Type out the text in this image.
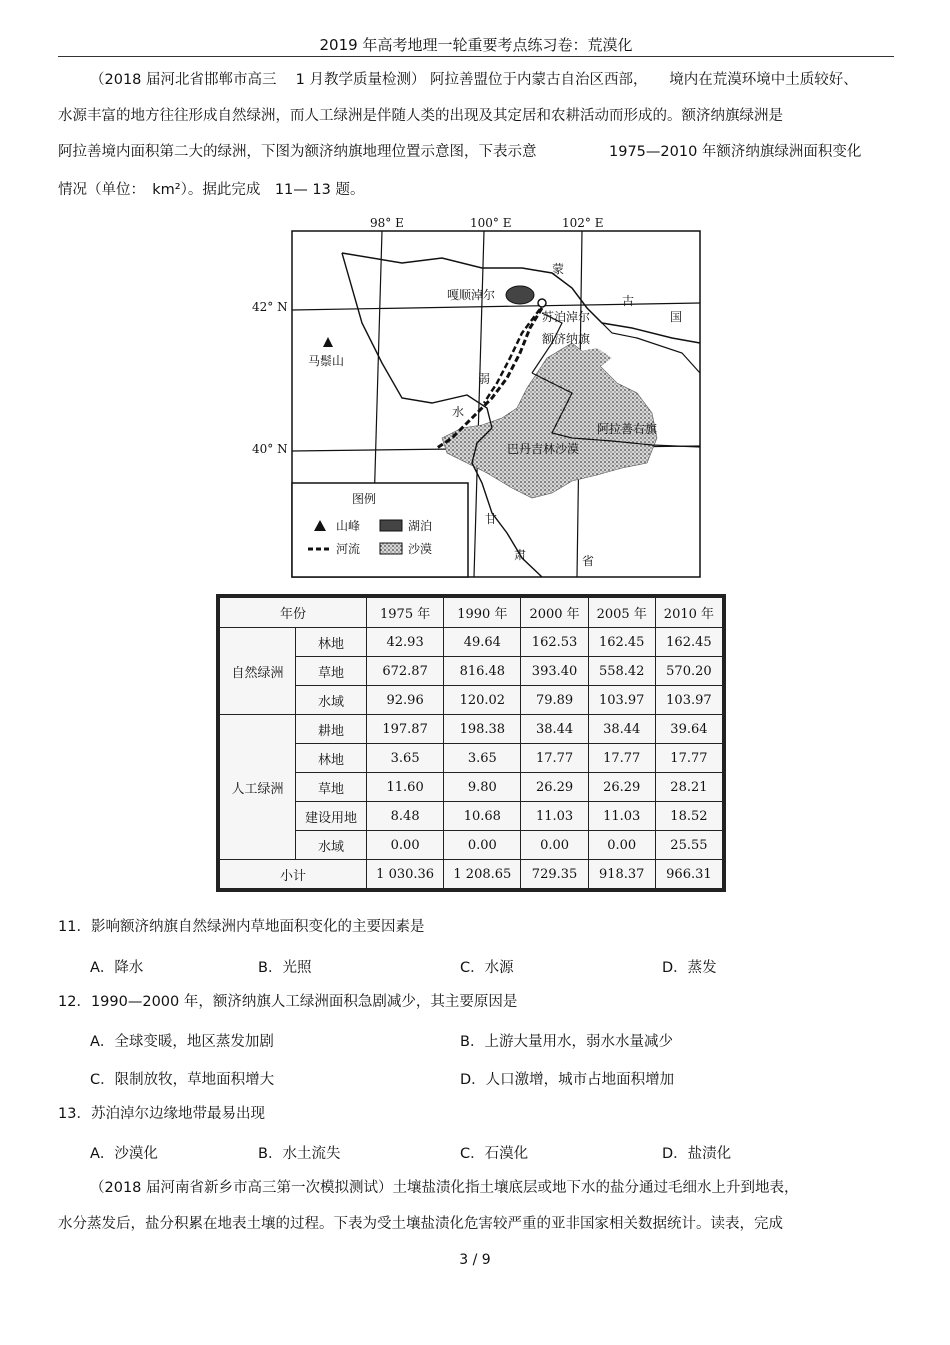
2019 年高考地理一轮重要考点练习卷：荒漠化
（2018 届河北省邯郸市高三　 1 月教学质量检测） 阿拉善盟位于内蒙古自治区西部，　　境内在荒漠环境中土质较好、
水源丰富的地方往往形成自然绿洲，而人工绿洲是伴随人类的出现及其定居和农耕活动而形成的。额济纳旗绿洲是
阿拉善境内面积第二大的绿洲，下图为额济纳旗地理位置示意图，下表示意　　　　　1975—2010 年额济纳旗绿洲面积变化
情况（单位：　km²）。据此完成　11— 13 题。
98° E	100° E	102° E
42° N
40° N
嘎顺淖尔
苏泊淖尔
额济纳旗
阿拉善右旗
巴丹吉林沙漠
弱
水
马鬃山
蒙
古
国
甘
肃	省
图例
山峰	湖泊
河流	沙漠
年份		1975 年	1990 年	2000 年	2005 年	2010 年
自然绿洲	林地	42.93	49.64	162.53	162.45	162.45
	草地	672.87	816.48	393.40	558.42	570.20
	水域	92.96	120.02	79.89	103.97	103.97
人工绿洲	耕地	197.87	198.38	38.44	38.44	39.64
	林地	3.65	3.65	17.77	17.77	17.77
	草地	11.60	9.80	26.29	26.29	28.21
	建设用地	8.48	10.68	11.03	11.03	18.52
	水域	0.00	0.00	0.00	0.00	25.55
小计		1 030.36	1 208.65	729.35	918.37	966.31
11．影响额济纳旗自然绿洲内草地面积变化的主要因素是
A．降水	B．光照	C．水源	D．蒸发
12．1990—2000 年，额济纳旗人工绿洲面积急剧减少，其主要原因是
A．全球变暖，地区蒸发加剧	B．上游大量用水，弱水水量减少
C．限制放牧，草地面积增大	D．人口激增，城市占地面积增加
13．苏泊淖尔边缘地带最易出现
A．沙漠化	B．水土流失	C．石漠化	D．盐渍化
（2018 届河南省新乡市高三第一次模拟测试）土壤盐渍化指土壤底层或地下水的盐分通过毛细水上升到地表，
水分蒸发后，盐分积累在地表土壤的过程。下表为受土壤盐渍化危害较严重的亚非国家相关数据统计。读表，完成
3 / 9
